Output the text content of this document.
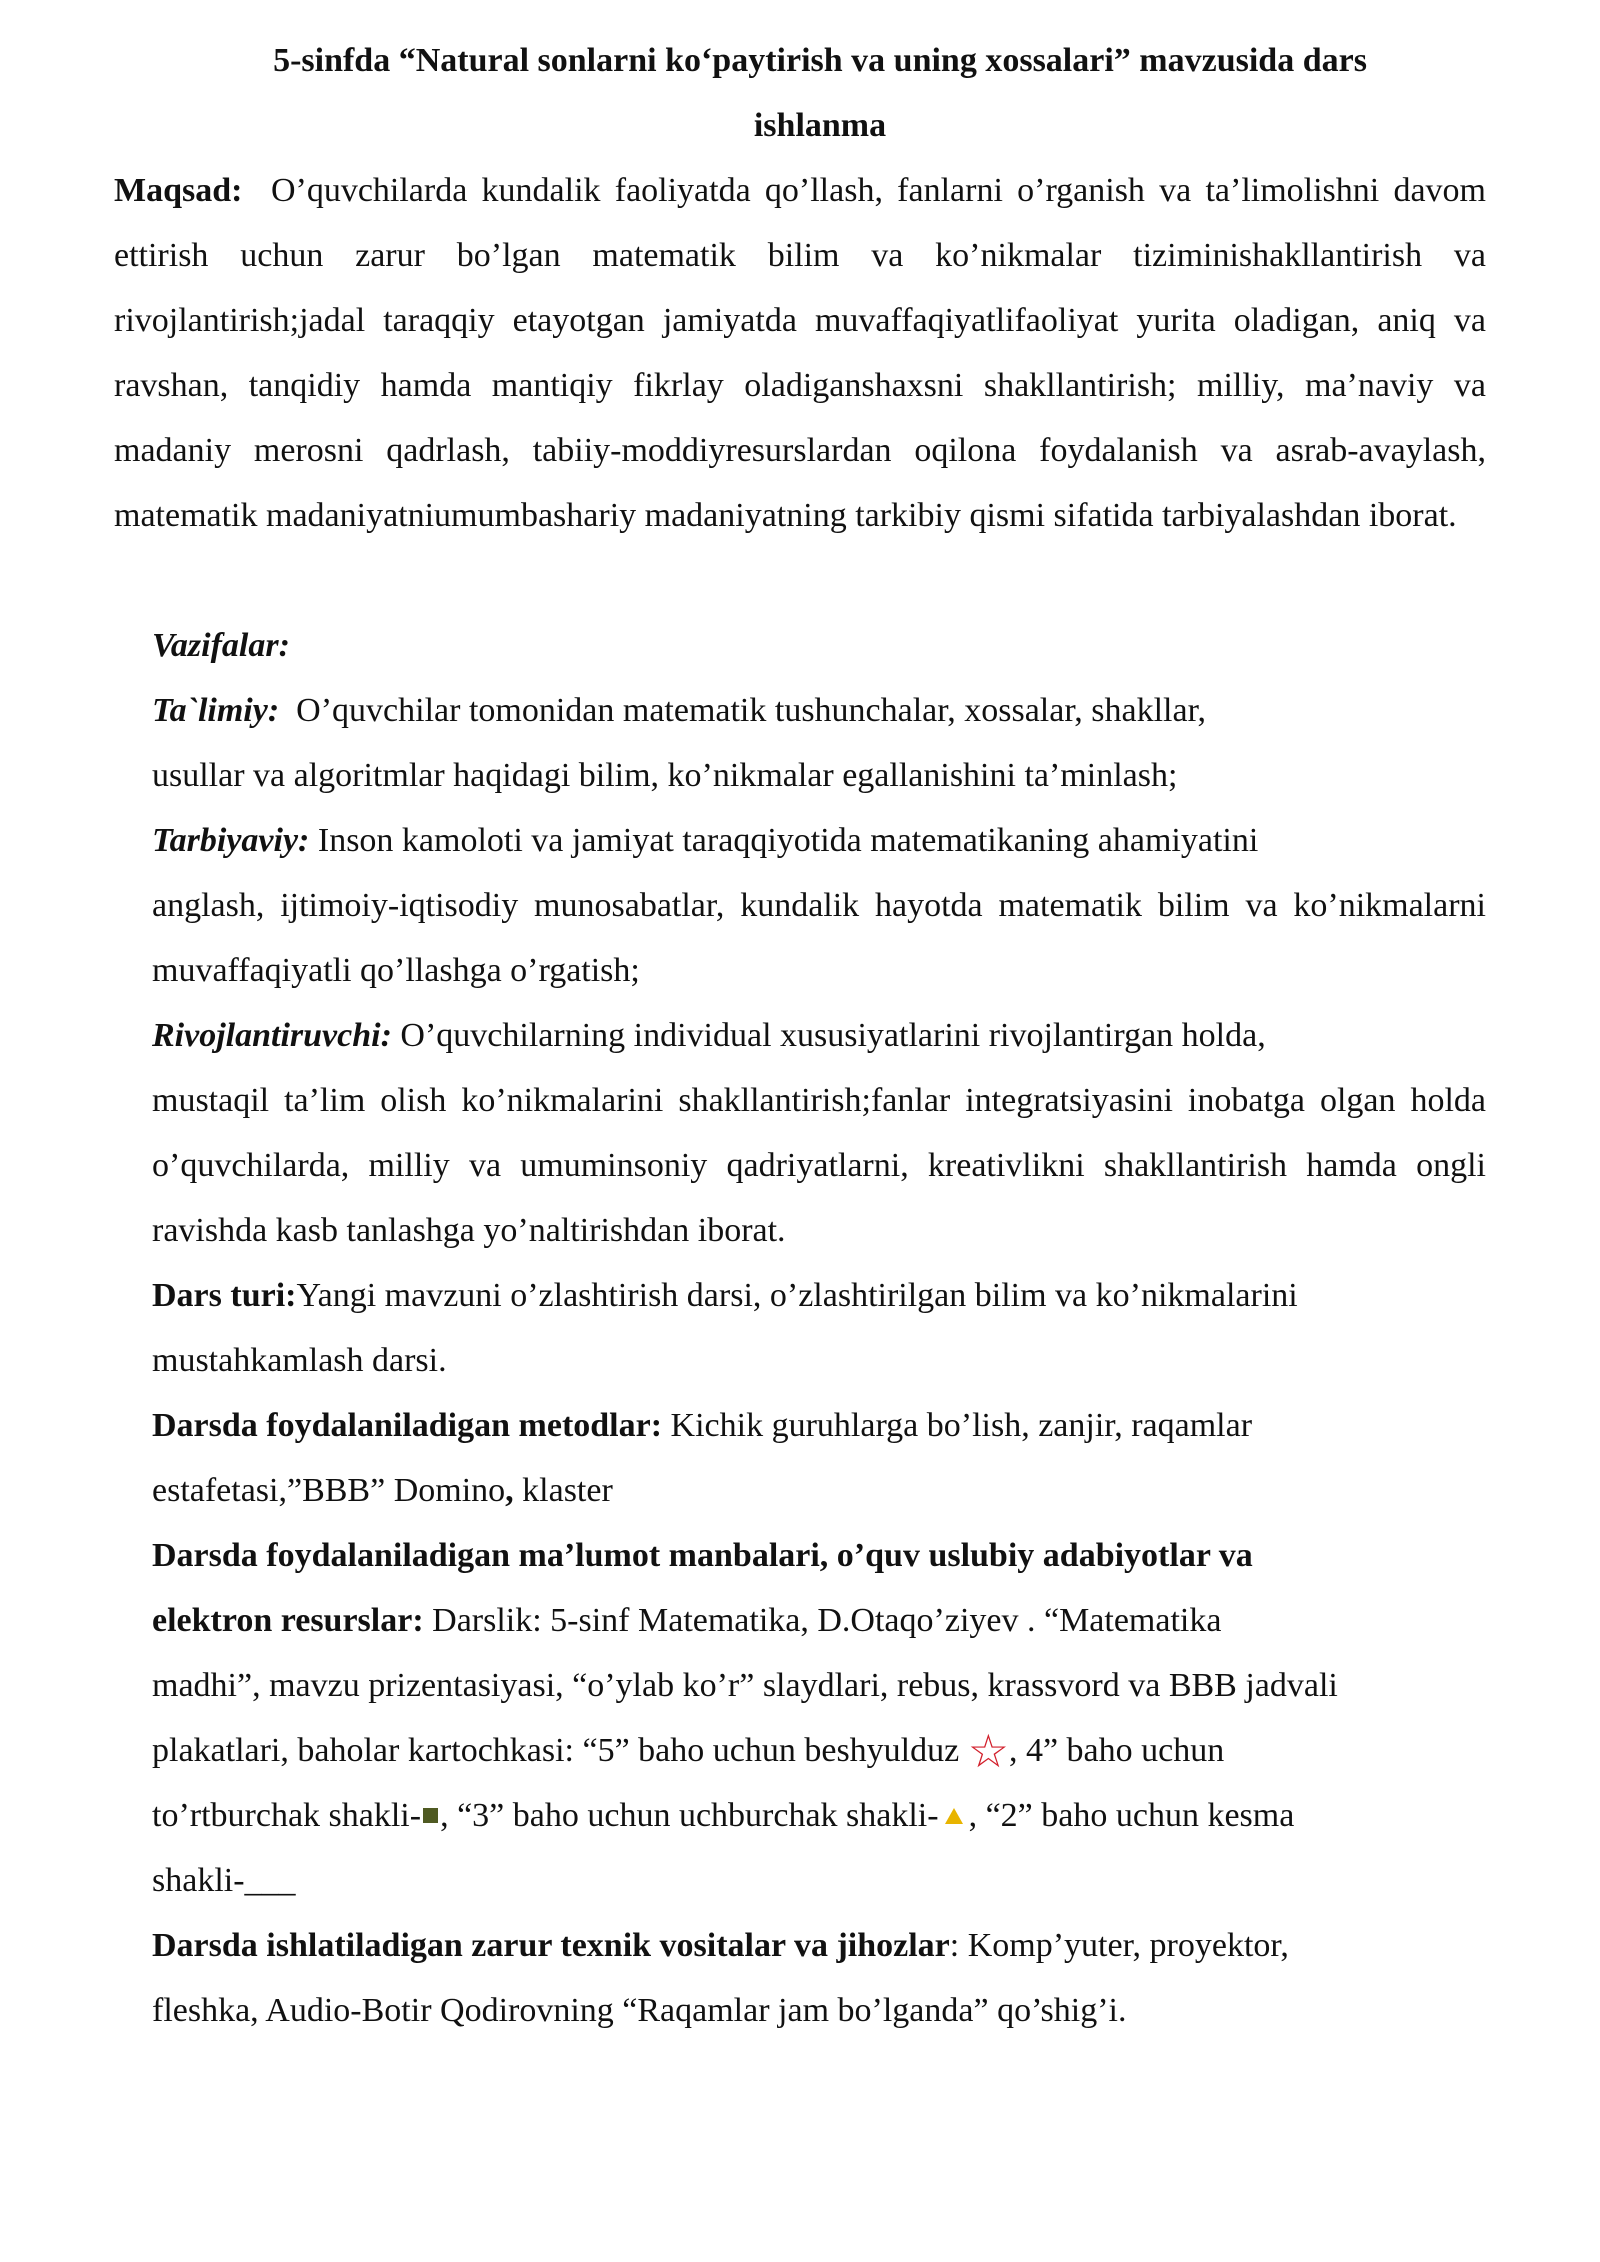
5-sinfda “Natural sonlarni ko‘paytirish va uning xossalari” mavzusida dars
ishlanma
Maqsad: O’quvchilarda kundalik faoliyatda qo’llash, fanlarni o’rganish va ta’limolishni davom ettirish uchun zarur bo’lgan matematik bilim va ko’nikmalar tiziminishakllantirish va rivojlantirish;jadal taraqqiy etayotgan jamiyatda muvaffaqiyatlifaoliyat yurita oladigan, aniq va ravshan, tanqidiy hamda mantiqiy fikrlay oladiganshaxsni shakllantirish; milliy, ma’naviy va madaniy merosni qadrlash, tabiiy-moddiyresurslardan oqilona foydalanish va asrab-avaylash, matematik madaniyatniumumbashariy madaniyatning tarkibiy qismi sifatida tarbiyalashdan iborat.
Vazifalar:
Ta`limiy: O’quvchilar tomonidan matematik tushunchalar, xossalar, shakllar,
usullar va algoritmlar haqidagi bilim, ko’nikmalar egallanishini ta’minlash;
Tarbiyaviy: Inson kamoloti va jamiyat taraqqiyotida matematikaning ahamiyatini
anglash, ijtimoiy-iqtisodiy munosabatlar, kundalik hayotda matematik bilim va ko’nikmalarni muvaffaqiyatli qo’llashga o’rgatish;
Rivojlantiruvchi: O’quvchilarning individual xususiyatlarini rivojlantirgan holda,
mustaqil ta’lim olish ko’nikmalarini shakllantirish;fanlar integratsiyasini inobatga olgan holda o’quvchilarda, milliy va umuminsoniy qadriyatlarni, kreativlikni shakllantirish hamda ongli ravishda kasb tanlashga yo’naltirishdan iborat.
Dars turi:Yangi mavzuni o’zlashtirish darsi, o’zlashtirilgan bilim va ko’nikmalarini
mustahkamlash darsi.
Darsda foydalaniladigan metodlar: Kichik guruhlarga bo’lish, zanjir, raqamlar
estafetasi,”BBB” Domino, klaster
Darsda foydalaniladigan ma’lumot manbalari, o’quv uslubiy adabiyotlar va
elektron resurslar: Darslik: 5-sinf Matematika, D.Otaqo’ziyev . “Matematika
madhi”, mavzu prizentasiyasi, “o’ylab ko’r” slaydlari, rebus, krassvord va BBB jadvali
plakatlari, baholar kartochkasi: “5” baho uchun beshyulduz ☆, 4” baho uchun
to’rtburchak shakli- , “3” baho uchun uchburchak shakli- , “2” baho uchun kesma
shakli-___
Darsda ishlatiladigan zarur texnik vositalar va jihozlar: Komp’yuter, proyektor,
fleshka, Audio-Botir Qodirovning “Raqamlar jam bo’lganda” qo’shig’i.
